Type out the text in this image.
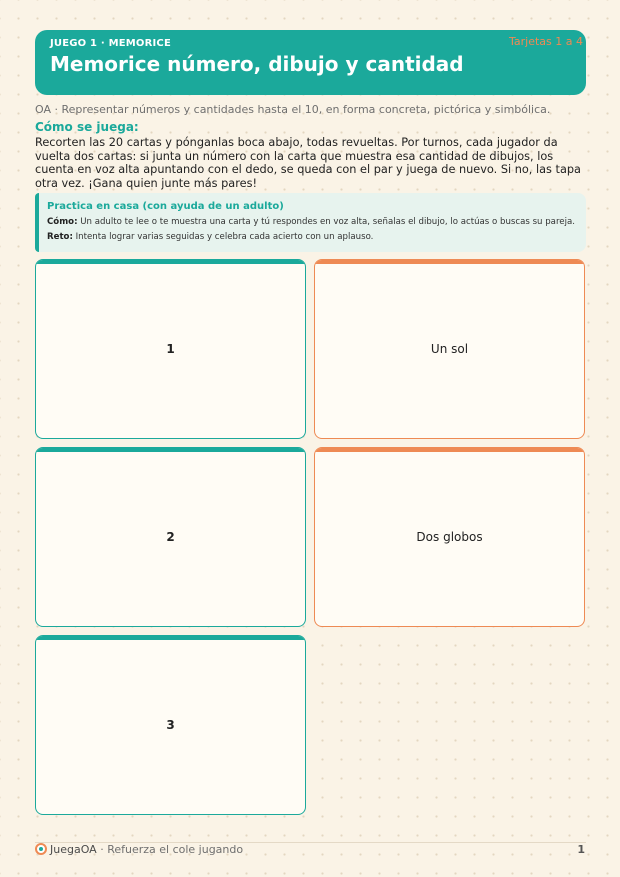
JUEGO 1 · MEMORICE
Memorice número, dibujo y cantidad
Tarjetas 1 a 4
OA · Representar números y cantidades hasta el 10, en forma concreta, pictórica y simbólica.
Cómo se juega:
Recorten las 20 cartas y pónganlas boca abajo, todas revueltas. Por turnos, cada jugador da vuelta dos cartas: si junta un número con la carta que muestra esa cantidad de dibujos, los cuenta en voz alta apuntando con el dedo, se queda con el par y juega de nuevo. Si no, las tapa otra vez. ¡Gana quien junte más pares!
Practica en casa (con ayuda de un adulto)
Cómo: Un adulto te lee o te muestra una carta y tú respondes en voz alta, señalas el dibujo, lo actúas o buscas su pareja.
Reto: Intenta lograr varias seguidas y celebra cada acierto con un aplauso.
1	Un sol
2	Dos globos
3
JuegaOA · Refuerza el cole jugando	1
